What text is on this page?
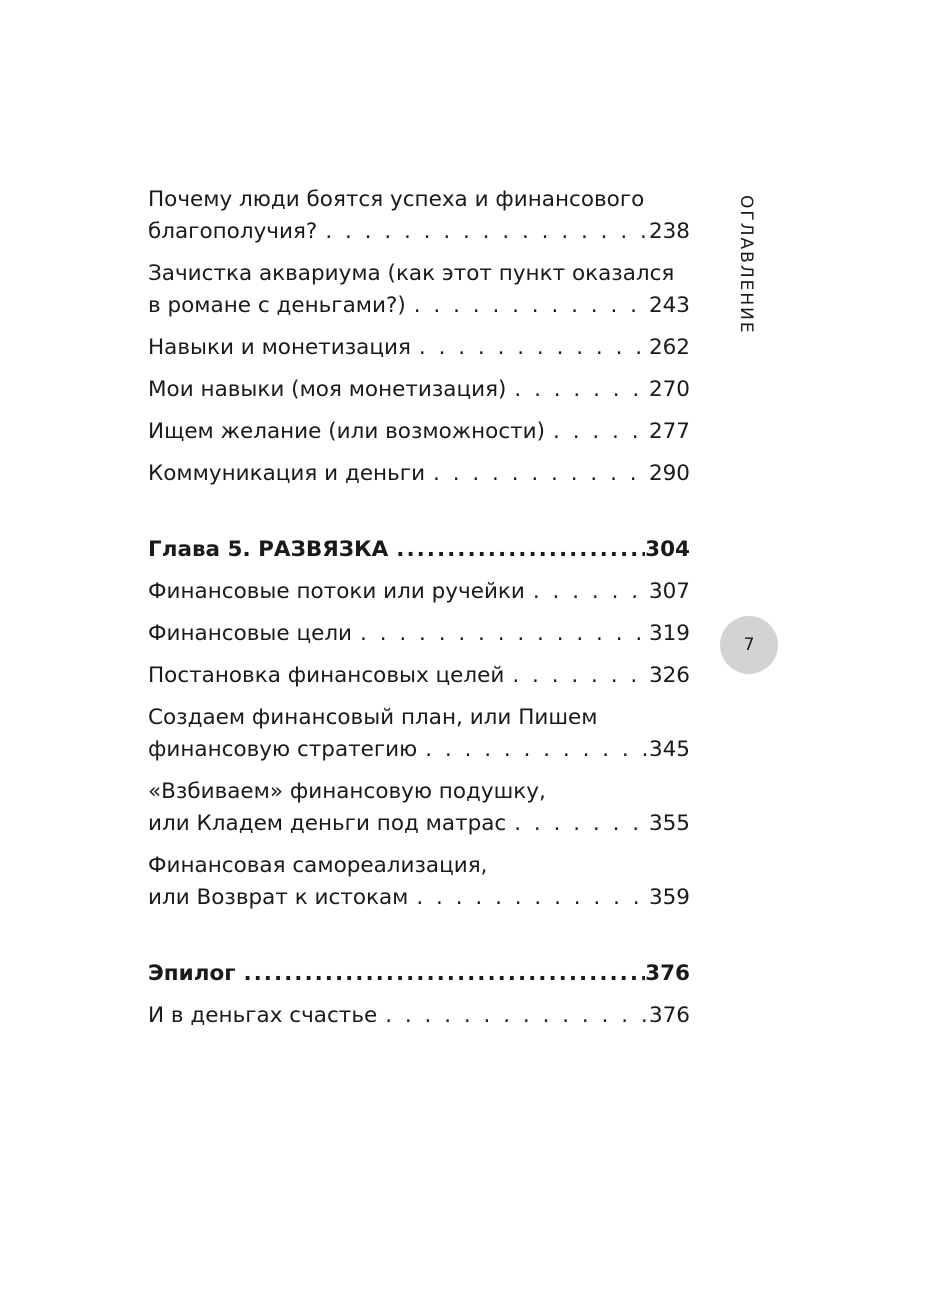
Почему люди боятся успеха и финансового
благополучия? . . .	238
Зачистка аквариума (как этот пункт оказался
в романе с деньгами?) . . .	243
Навыки и монетизация . . .	262
Мои навыки (моя монетизация) . . .	270
Ищем желание (или возможности) . . .	277
Коммуникация и деньги . . .	290
Глава 5. РАЗВЯЗКА .....	304
Финансовые потоки или ручейки . . .	307
Финансовые цели . . .	319
Постановка финансовых целей . . .	326
Создаем финансовый план, или Пишем
финансовую стратегию . . .	345
«Взбиваем» финансовую подушку,
или Кладем деньги под матрас . . .	355
Финансовая самореализация,
или Возврат к истокам . . .	359
Эпилог .....	376
И в деньгах счастье . . .	376
ОГЛАВЛЕНИЕ
7
